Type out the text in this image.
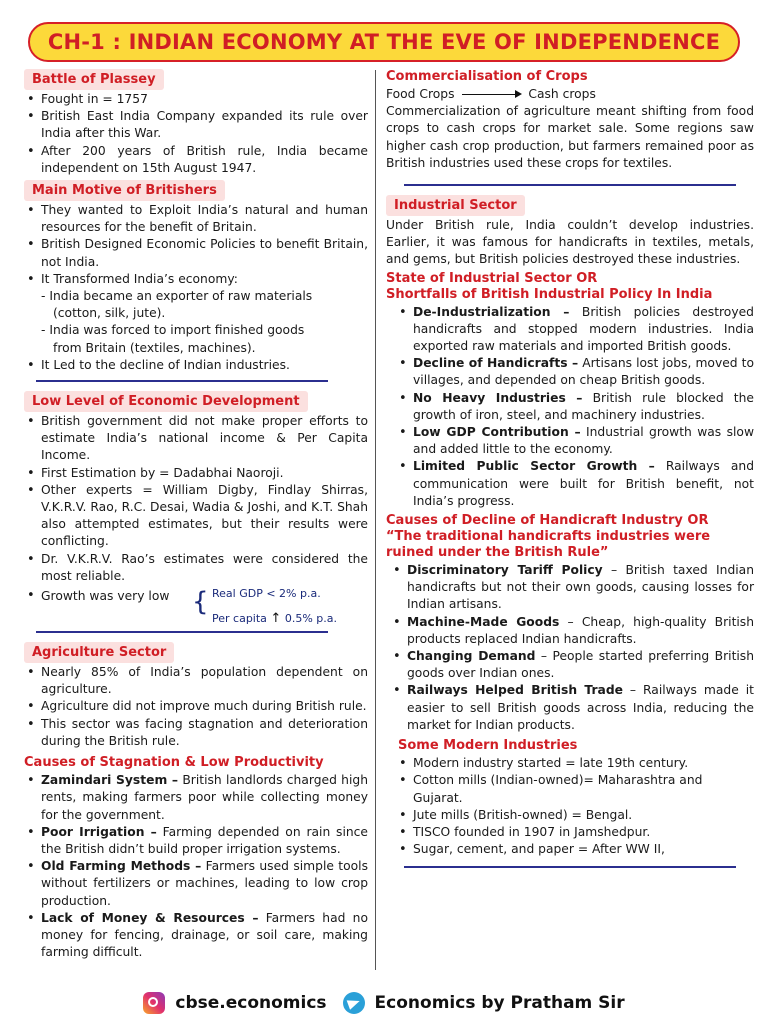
CH-1 : INDIAN ECONOMY AT THE EVE OF INDEPENDENCE
Battle of Plassey
• Fought in = 1757
• British East India Company expanded its rule over India after this War.
• After 200 years of British rule, India became independent on 15th August 1947.
Main Motive of Britishers
• They wanted to Exploit India’s natural and human resources for the benefit of Britain.
• British Designed Economic Policies to benefit Britain, not India.
• It Transformed India’s economy:
- India became an exporter of raw materials
(cotton, silk, jute).
- India was forced to import finished goods
from Britain (textiles, machines).
• It Led to the decline of Indian industries.
Low Level of Economic Development
• British government did not make proper efforts to estimate India’s national income & Per Capita Income.
• First Estimation by = Dadabhai Naoroji.
• Other experts = William Digby, Findlay Shirras, V.K.R.V. Rao, R.C. Desai, Wadia & Joshi, and K.T. Shah also attempted estimates, but their results were conflicting.
• Dr. V.K.R.V. Rao’s estimates were considered the most reliable.
• Growth was very low { Real GDP < 2% p.a.
Per capita ↑ 0.5% p.a.
Agriculture Sector
• Nearly 85% of India’s population dependent on agriculture.
• Agriculture did not improve much during British rule.
• This sector was facing stagnation and deterioration during the British rule.
Causes of Stagnation & Low Productivity
• Zamindari System – British landlords charged high rents, making farmers poor while collecting money for the government.
• Poor Irrigation – Farming depended on rain since the British didn’t build proper irrigation systems.
• Old Farming Methods – Farmers used simple tools without fertilizers or machines, leading to low crop production.
• Lack of Money & Resources – Farmers had no money for fencing, drainage, or soil care, making farming difficult.
Commercialisation of Crops
Food Crops	Cash crops
Commercialization of agriculture meant shifting from food crops to cash crops for market sale. Some regions saw higher cash crop production, but farmers remained poor as British industries used these crops for textiles.
Industrial Sector
Under British rule, India couldn’t develop industries. Earlier, it was famous for handicrafts in textiles, metals, and gems, but British policies destroyed these industries.
State of Industrial Sector OR
Shortfalls of British Industrial Policy In India
• De-Industrialization – British policies destroyed handicrafts and stopped modern industries. India exported raw materials and imported British goods.
• Decline of Handicrafts – Artisans lost jobs, moved to villages, and depended on cheap British goods.
• No Heavy Industries – British rule blocked the growth of iron, steel, and machinery industries.
• Low GDP Contribution – Industrial growth was slow and added little to the economy.
• Limited Public Sector Growth – Railways and communication were built for British benefit, not India’s progress.
Causes of Decline of Handicraft Industry OR
“The traditional handicrafts industries were
ruined under the British Rule”
• Discriminatory Tariff Policy – British taxed Indian handicrafts but not their own goods, causing losses for Indian artisans.
• Machine-Made Goods – Cheap, high-quality British products replaced Indian handicrafts.
• Changing Demand – People started preferring British goods over Indian ones.
• Railways Helped British Trade – Railways made it easier to sell British goods across India, reducing the market for Indian products.
Some Modern Industries
• Modern industry started = late 19th century.
• Cotton mills (Indian-owned)= Maharashtra and Gujarat.
• Jute mills (British-owned) = Bengal.
• TISCO founded in 1907 in Jamshedpur.
• Sugar, cement, and paper = After WW II,
cbse.economics	Economics by Pratham Sir
